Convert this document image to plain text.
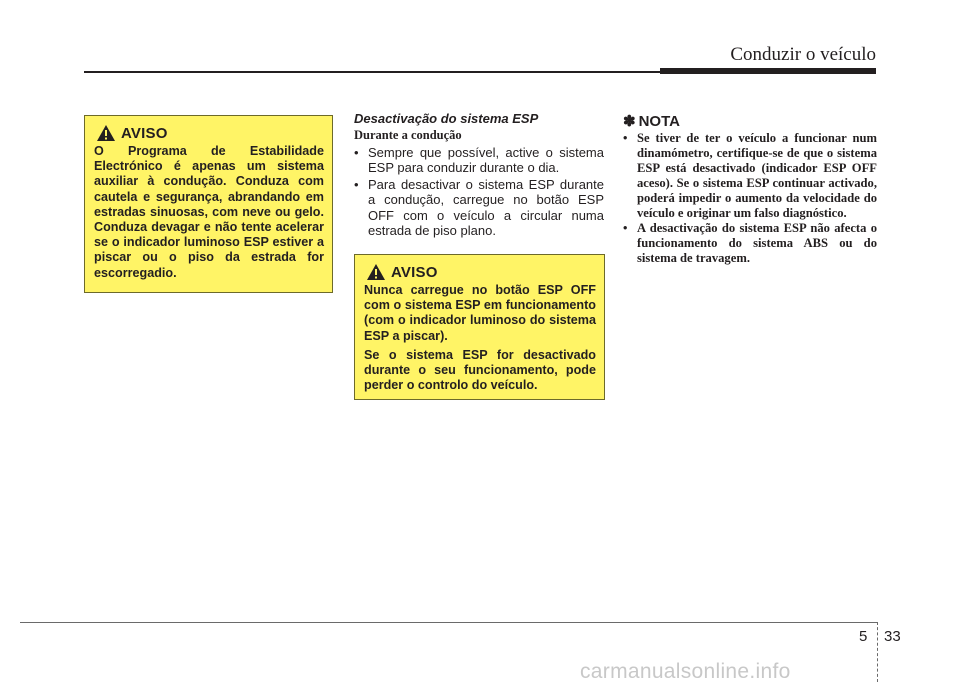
Conduzir o veículo
AVISO

O Programa de Estabilidade Electrónico é apenas um sistema auxiliar à condução. Conduza com cautela e segurança, abrandando em estradas sinuosas, com neve ou gelo. Conduza devagar e não tente acelerar se o indicador luminoso ESP estiver a piscar ou o piso da estrada for escorregadio.

Desactivação do sistema ESP
Durante a condução
• Sempre que possível, active o sistema ESP para conduzir durante o dia.
• Para desactivar o sistema ESP durante a condução, carregue no botão ESP OFF com o veículo a circular numa estrada de piso plano.
AVISO

Nunca carregue no botão ESP OFF com o sistema ESP em funcionamento (com o indicador luminoso do sistema ESP a piscar).

Se o sistema ESP for desactivado durante o seu funcionamento, pode perder o controlo do veículo.

✽ NOTA
• Se tiver de ter o veículo a funcionar num dinamómetro, certifique-se de que o sistema ESP está desactivado (indicador ESP OFF aceso). Se o sistema ESP continuar activado, poderá impedir o aumento da velocidade do veículo e originar um falso diagnóstico.
• A desactivação do sistema ESP não afecta o funcionamento do sistema ABS ou do sistema de travagem.
5 33
carmanualsonline.info
